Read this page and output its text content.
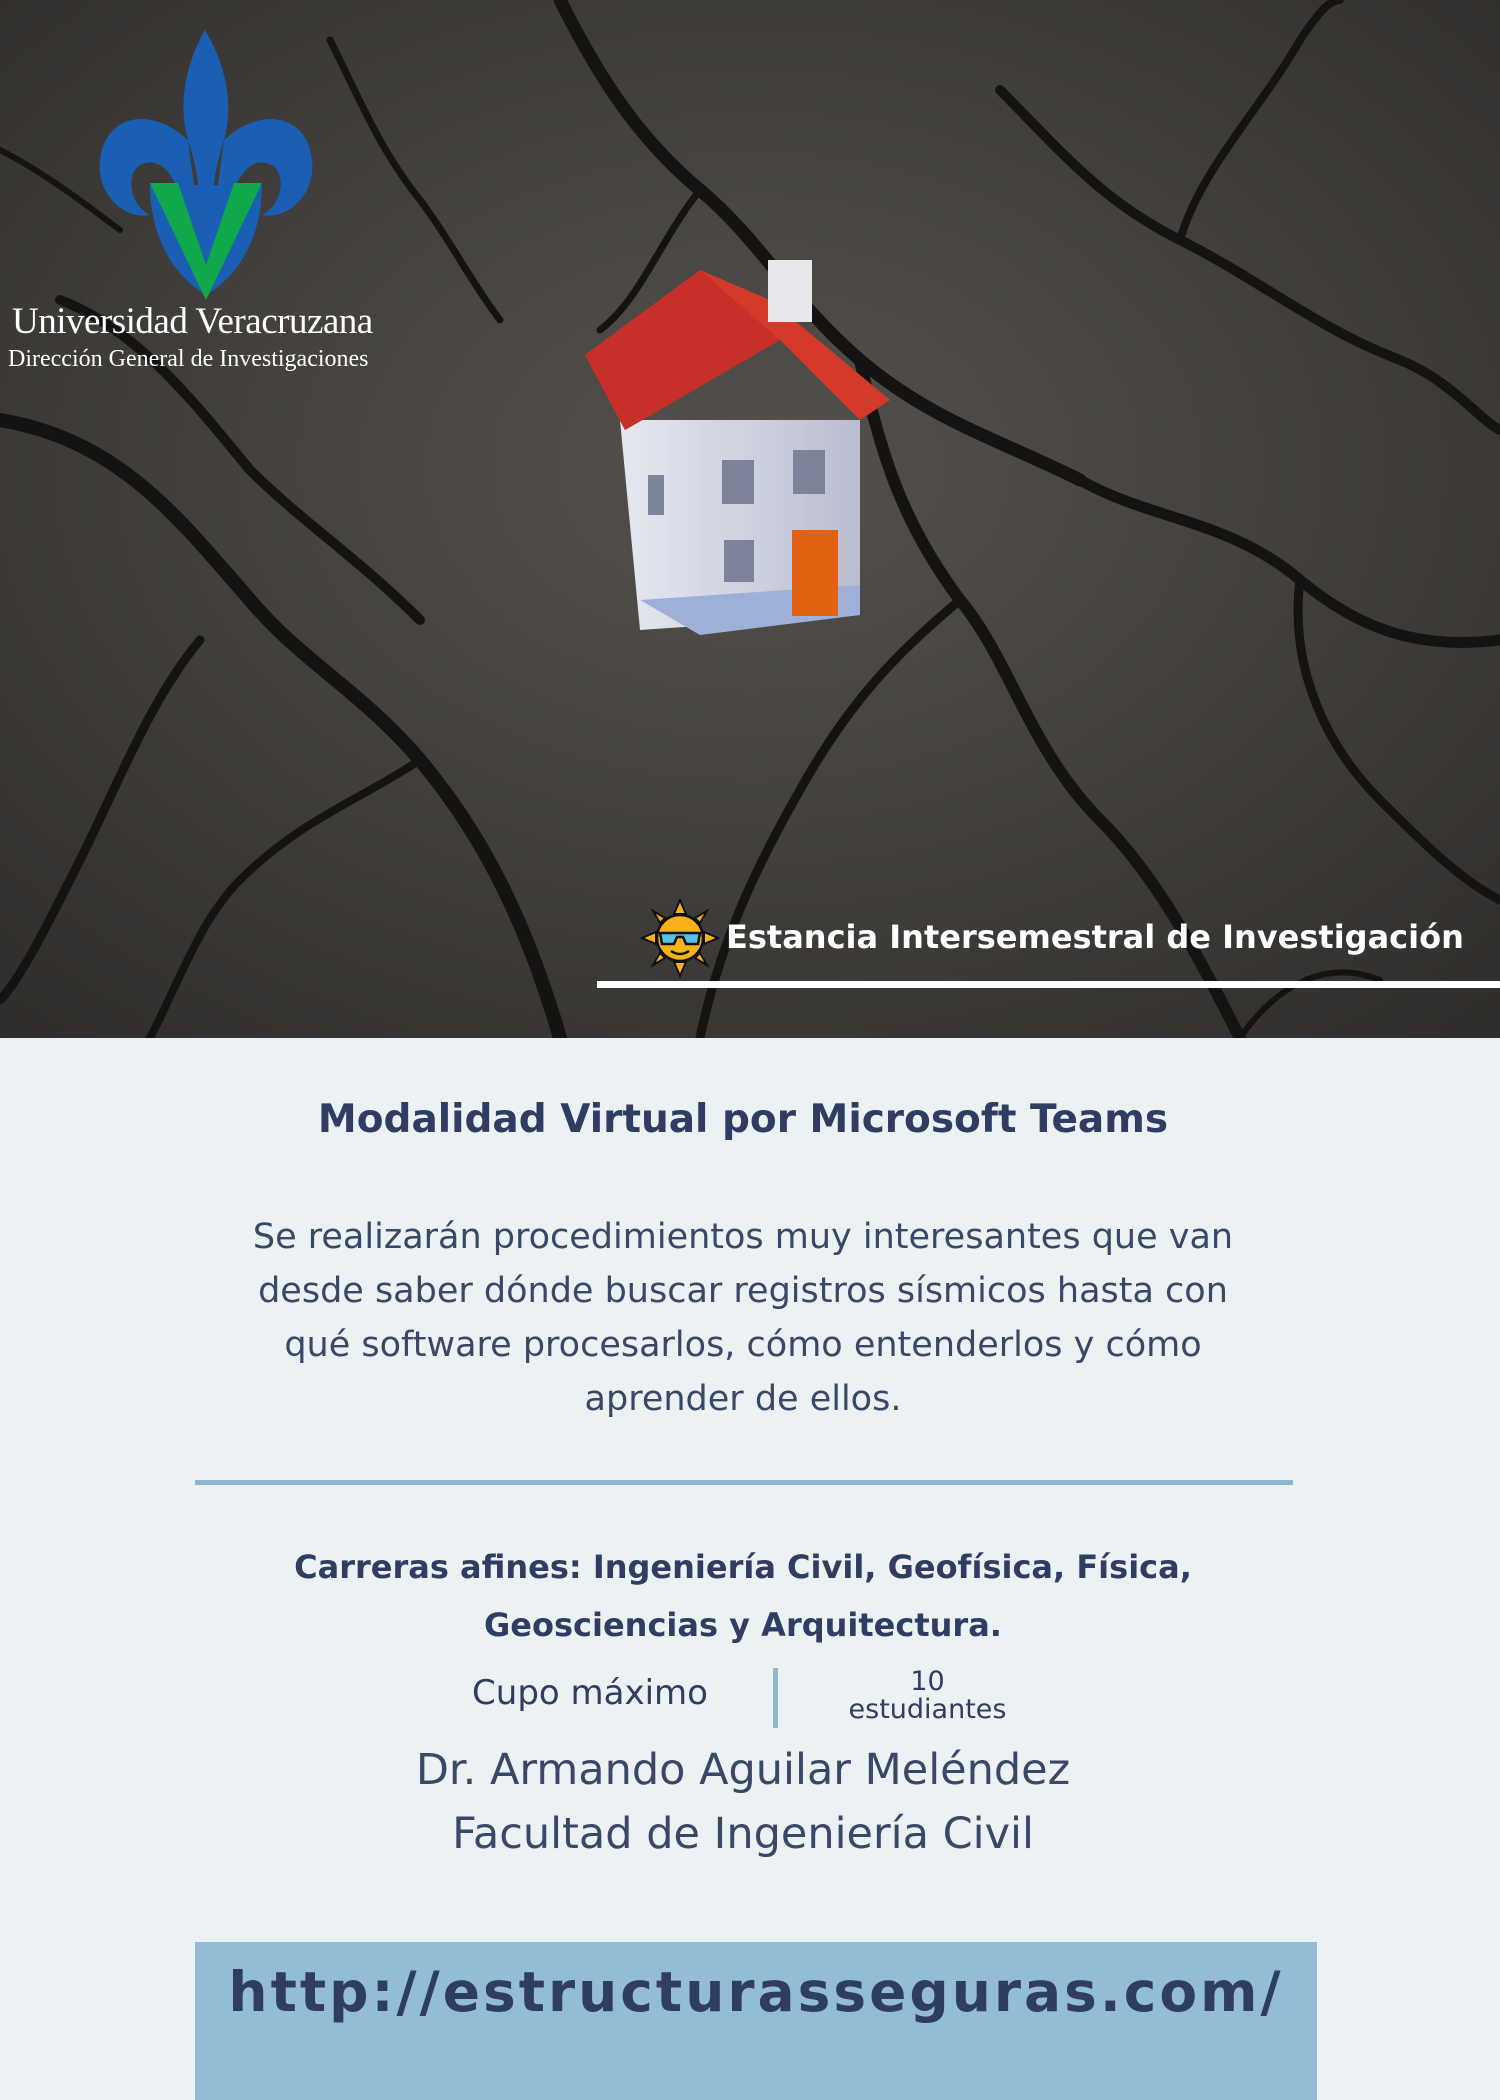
Universidad Veracruzana
Dirección General de Investigaciones
Estancia Intersemestral de Investigación
Modalidad Virtual por Microsoft Teams
Se realizarán procedimientos muy interesantes que van desde saber dónde buscar registros sísmicos hasta con qué software procesarlos, cómo entenderlos y cómo aprender de ellos.
Carreras afines: Ingeniería Civil, Geofísica, Física, Geosciencias y Arquitectura.
Cupo máximo	10
estudiantes
Dr. Armando Aguilar Meléndez
Facultad de Ingeniería Civil
http://estructurasseguras.com/
